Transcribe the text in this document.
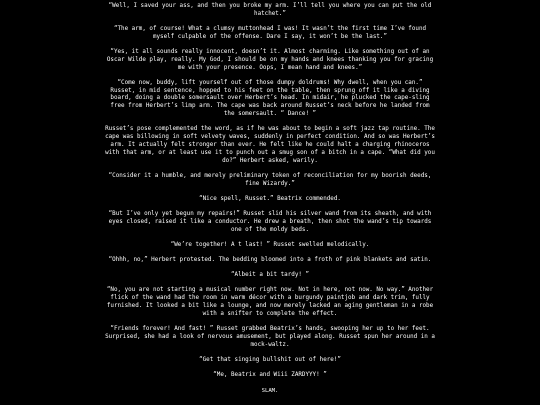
“Well, I saved your ass, and then you broke my arm. I’ll tell you where you can put the old hatchet.”

“The arm, of course! What a clumsy muttonhead I was! It wasn’t the first time I’ve found myself culpable of the offense. Dare I say, it won’t be the last.”

“Yes, it all sounds really innocent, doesn’t it. Almost charming. Like something out of an Oscar Wilde play, really. My God, I should be on my hands and knees thanking you for gracing me with your presence. Oops, I mean hand and knees.”

“Come now, buddy, lift yourself out of those dumpy doldrums! Why dwell, when you can.” Russet, in mid sentence, hopped to his feet on the table, then sprung off it like a diving board, doing a double somersault over Herbert’s head. In midair, he plucked the cape-sling free from Herbert’s limp arm. The cape was back around Russet’s neck before he landed from the somersault. “ Dance! ”

Russet’s pose complemented the word, as if he was about to begin a soft jazz tap routine. The cape was billowing in soft velvety waves, suddenly in perfect condition. And so was Herbert’s arm. It actually felt stronger than ever. He felt like he could halt a charging rhinoceros with that arm, or at least use it to punch out a smug son of a bitch in a cape. “What did you do?” Herbert asked, warily.

“Consider it a humble, and merely preliminary token of reconciliation for my boorish deeds, fine Wizardy.”

“Nice spell, Russet.” Beatrix commended.

“But I’ve only yet begun my repairs!” Russet slid his silver wand from its sheath, and with eyes closed, raised it like a conductor. He drew a breath, then shot the wand’s tip towards one of the moldy beds.

“We’re together! A t last! ” Russet swelled melodically.

“Ohhh, no,” Herbert protested. The bedding bloomed into a froth of pink blankets and satin.

“Albeit a bit tardy! ”

“No, you are not starting a musical number right now. Not in here, not now. No way.” Another flick of the wand had the room in warm décor with a burgundy paintjob and dark trim, fully furnished. It looked a bit like a lounge, and now merely lacked an aging gentleman in a robe with a snifter to complete the effect.

“Friends forever! And fast! ” Russet grabbed Beatrix’s hands, swooping her up to her feet. Surprised, she had a look of nervous amusement, but played along. Russet spun her around in a mock-waltz.

“Get that singing bullshit out of here!”

“Me, Beatrix and Wiii ZARDYYY! ”

SLAM.
